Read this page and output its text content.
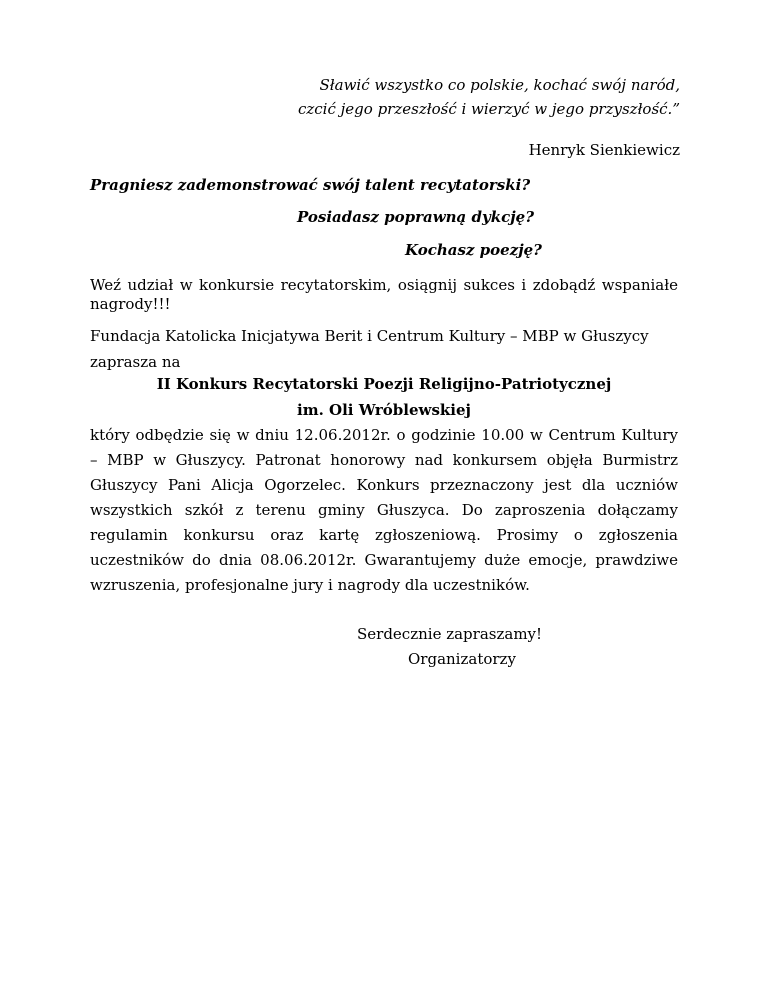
Sławić wszystko co polskie, kochać swój naród,
czcić jego przeszłość i wierzyć w jego przyszłość.”
Henryk Sienkiewicz
Pragniesz zademonstrować swój talent recytatorski?
Posiadasz poprawną dykcję?
Kochasz poezję?
Weź udział w konkursie recytatorskim, osiągnij sukces i zdobądź wspaniałe
nagrody!!!
Fundacja Katolicka Inicjatywa Berit i Centrum Kultury – MBP w Głuszycy
zaprasza na
II Konkurs Recytatorski Poezji Religijno-Patriotycznej
im. Oli Wróblewskiej
który odbędzie się w dniu 12.06.2012r. o godzinie 10.00 w Centrum Kultury
– MBP w Głuszycy. Patronat honorowy nad konkursem objęła Burmistrz
Głuszycy Pani Alicja Ogorzelec. Konkurs przeznaczony jest dla uczniów
wszystkich szkół z terenu gminy Głuszyca. Do zaproszenia dołączamy
regulamin konkursu oraz kartę zgłoszeniową. Prosimy o zgłoszenia
uczestników do dnia 08.06.2012r. Gwarantujemy duże emocje, prawdziwe
wzruszenia, profesjonalne jury i nagrody dla uczestników.
Serdecznie zapraszamy!
Organizatorzy
